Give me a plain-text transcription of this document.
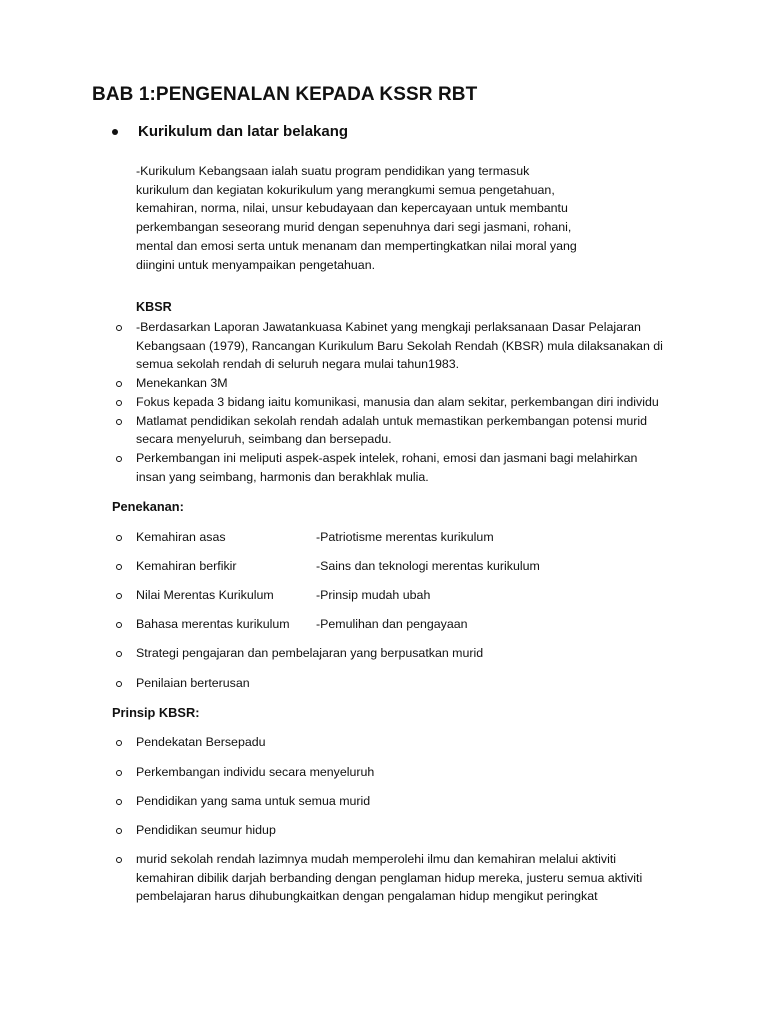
BAB 1:PENGENALAN KEPADA KSSR RBT
Kurikulum dan latar belakang
-Kurikulum Kebangsaan ialah suatu program pendidikan yang termasuk
kurikulum dan kegiatan kokurikulum yang merangkumi semua pengetahuan,
kemahiran, norma, nilai, unsur kebudayaan dan kepercayaan untuk membantu
perkembangan seseorang murid dengan sepenuhnya dari segi jasmani, rohani,
mental dan emosi serta untuk menanam dan mempertingkatkan nilai moral yang
diingini untuk menyampaikan pengetahuan.
KBSR
-Berdasarkan Laporan Jawatankuasa Kabinet yang mengkaji perlaksanaan Dasar Pelajaran
Kebangsaan (1979), Rancangan Kurikulum Baru Sekolah Rendah (KBSR) mula dilaksanakan di
semua sekolah rendah di seluruh negara mulai tahun1983.
Menekankan 3M
Fokus kepada 3 bidang iaitu komunikasi, manusia dan alam sekitar, perkembangan diri individu
Matlamat pendidikan sekolah rendah adalah untuk memastikan perkembangan potensi murid
secara menyeluruh, seimbang dan bersepadu.
Perkembangan ini meliputi aspek-aspek intelek, rohani, emosi dan jasmani bagi melahirkan
insan yang seimbang, harmonis dan berakhlak mulia.
Penekanan:
Kemahiran asas	-Patriotisme merentas kurikulum
Kemahiran berfikir	-Sains dan teknologi merentas kurikulum
Nilai Merentas Kurikulum	-Prinsip mudah ubah
Bahasa merentas kurikulum -Pemulihan dan pengayaan
Strategi pengajaran dan pembelajaran yang berpusatkan murid
Penilaian berterusan
Prinsip KBSR:
Pendekatan Bersepadu
Perkembangan individu secara menyeluruh
Pendidikan yang sama untuk semua murid
Pendidikan seumur hidup
murid sekolah rendah lazimnya mudah memperolehi ilmu dan kemahiran melalui aktiviti
kemahiran dibilik darjah berbanding dengan penglaman hidup mereka, justeru semua aktiviti
pembelajaran harus dihubungkaitkan dengan pengalaman hidup mengikut peringkat
